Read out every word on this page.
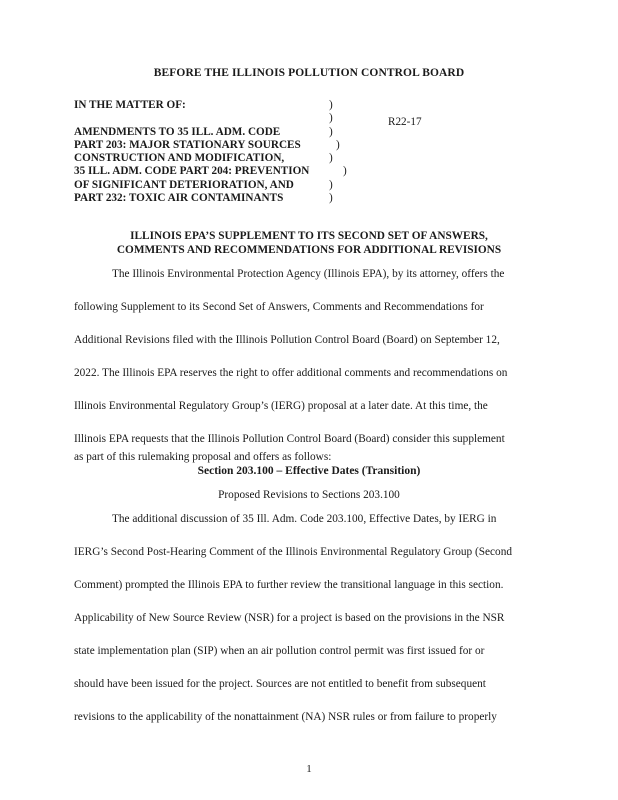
BEFORE THE ILLINOIS POLLUTION CONTROL BOARD
IN THE MATTER OF:	)
)
AMENDMENTS TO 35 ILL. ADM. CODE	)
PART 203: MAJOR STATIONARY SOURCES	)
CONSTRUCTION AND MODIFICATION,	)
35 ILL. ADM. CODE PART 204: PREVENTION	)
OF SIGNIFICANT DETERIORATION, AND	)
PART 232: TOXIC AIR CONTAMINANTS	)
R22-17
ILLINOIS EPA’S SUPPLEMENT TO ITS SECOND SET OF ANSWERS,
COMMENTS AND RECOMMENDATIONS FOR ADDITIONAL REVISIONS
The Illinois Environmental Protection Agency (Illinois EPA), by its attorney, offers the
following Supplement to its Second Set of Answers, Comments and Recommendations for
Additional Revisions filed with the Illinois Pollution Control Board (Board) on September 12,
2022. The Illinois EPA reserves the right to offer additional comments and recommendations on
Illinois Environmental Regulatory Group’s (IERG) proposal at a later date. At this time, the
Illinois EPA requests that the Illinois Pollution Control Board (Board) consider this supplement
as part of this rulemaking proposal and offers as follows:
Section 203.100 – Effective Dates (Transition)
Proposed Revisions to Sections 203.100
The additional discussion of 35 Ill. Adm. Code 203.100, Effective Dates, by IERG in
IERG’s Second Post-Hearing Comment of the Illinois Environmental Regulatory Group (Second
Comment) prompted the Illinois EPA to further review the transitional language in this section.
Applicability of New Source Review (NSR) for a project is based on the provisions in the NSR
state implementation plan (SIP) when an air pollution control permit was first issued for or
should have been issued for the project. Sources are not entitled to benefit from subsequent
revisions to the applicability of the nonattainment (NA) NSR rules or from failure to properly
1
